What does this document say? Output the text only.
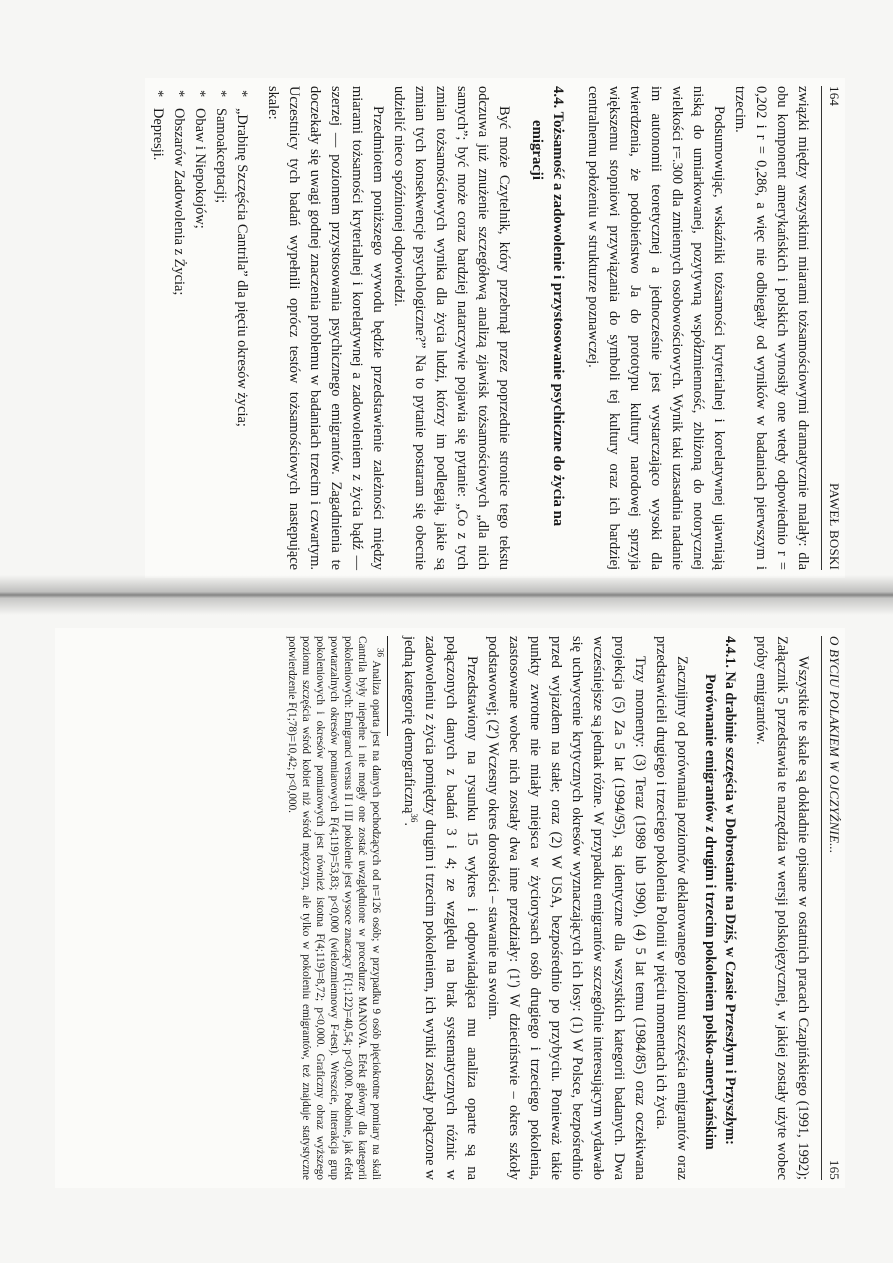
164
PAWEŁ BOSKI

związki między wszystkimi miarami tożsamościowymi dramatycznie malały: dla obu komponent amerykańskich i polskich wynosiły one wtedy odpowiednio r = 0,202 i r = 0,286, a więc nie odbiegały od wyników w badaniach pierwszym i trzecim.

Podsumowując, wskaźniki tożsamości kryterialnej i korelatywnej ujawniają niską do umiarkowanej, pozytywną współzmienność, zbliżoną do notorycznej wielkości r=.300 dla zmiennych osobowościowych. Wynik taki uzasadnia nadanie im autonomii teoretycznej a jednocześnie jest wystarczająco wysoki dla twierdzenia, że podobieństwo Ja do prototypu kultury narodowej sprzyja większemu stopniowi przywiązania do symboli tej kultury oraz ich bardziej centralnemu położeniu w strukturze poznawczej.

4.4. Tożsamość a zadowolenie i przystosowanie psychiczne do życia na emigracji

Być może Czytelnik, który przebrnął przez poprzednie stronice tego tekstu odczuwa już znużenie szczegółową analizą zjawisk tożsamościowych „dla nich samych”; być może coraz bardziej natarczywie pojawia się pytanie: „Co z tych zmian tożsamościowych wynika dla życia ludzi, którzy im podlegają, jakie są zmian tych konsekwencje psychologiczne?” Na to pytanie postaram się obecnie udzielić nieco spóźnionej odpowiedzi.

Przedmiotem poniższego wywodu będzie przedstawienie zależności między miarami tożsamości kryterialnej i korelatywnej a zadowoleniem z życia bądź — szerzej — poziomem przystosowania psychicznego emigrantów. Zagadnienia te doczekały się uwagi godnej znaczenia problemu w badaniach trzecim i czwartym. Uczestnicy tych badań wypełnili oprócz testów tożsamościowych następujące skale:

* „Drabinę Szczęścia Cantrila” dla pięciu okresów życia;
* Samoakceptacji;
* Obaw i Niepokojów;
* Obszarów Zadowolenia z Życia;
* Depresji.
O BYCIU POLAKIEM W OJCZYŹNIE...
165

Wszystkie te skale są dokładnie opisane w ostatnich pracach Czapińskiego (1991, 1992); Załącznik 5 przedstawia te narzędzia w wersji polskojęzycznej, w jakiej zostały użyte wobec próby emigrantów.

4.4.1. Na drabinie szczęścia w Dobrostanie na Dziś, w Czasie Przeszłym i Przyszłym: Porównanie emigrantów z drugim i trzecim pokoleniem polsko-amerykańskim

Zacznijmy od porównania poziomów deklarowanego poziomu szczęścia emigrantów oraz przedstawicieli drugiego i trzeciego pokolenia Polonii w pięciu momentach ich życia.

Trzy momenty: (3) Teraz (1989 lub 1990), (4) 5 lat temu (1984/85) oraz oczekiwana projekcja (5) Za 5 lat (1994/95), są identyczne dla wszystkich kategorii badanych. Dwa wcześniejsze są jednak różne. W przypadku emigrantów szczególnie interesującym wydawało się uchwycenie krytycznych okresów wyznaczających ich losy: (1) W Polsce, bezpośrednio przed wyjazdem na stałe; oraz (2) W USA, bezpośrednio po przybyciu. Ponieważ takie punkty zwrotne nie miały miejsca w życiorysach osób drugiego i trzeciego pokolenia, zastosowane wobec nich zostały dwa inne przedziały: (1') W dzieciństwie – okres szkoły podstawowej; (2') Wczesny okres dorosłości – stawanie na swoim.

Przedstawiony na rysunku 15 wykres i odpowiadająca mu analiza oparte są na połączonych danych z badań 3 i 4; ze względu na brak systematycznych różnic w zadowoleniu z życia pomiędzy drugim i trzecim pokoleniem, ich wyniki zostały połączone w jedną kategorię demograficzną$^{36}$.

$^{36}$ Analiza oparta jest na danych pochodzących od n=126 osób; w przypadku 9 osób pięciokrotne pomiary na skali Cantrila były niepełne i nie mogły one zostać uwzględnione w procedurze MANOVA. Efekt główny dla kategorii pokoleniowych: Emigranci versus II i III pokolenie jest wysoce znaczący F(1;122)=40,54; p<0,000. Podobnie, jak efekt powtarzalnych okresów pomiarowych F(4;119)=53,83; p<0,000 (wielozmiennowy F-test). Wreszcie, interakcja grup pokoleniowych i okresów pomiarowych jest również istotna F(4;119)=8,72; p<0,000. Graficzny obraz wyższego poziomu szczęścia wśród kobiet niż wśród mężczyzn, ale tylko w pokoleniu emigrantów, też znajduje statystyczne potwierdzenie F(1;78)=10,42; p<0,000.
